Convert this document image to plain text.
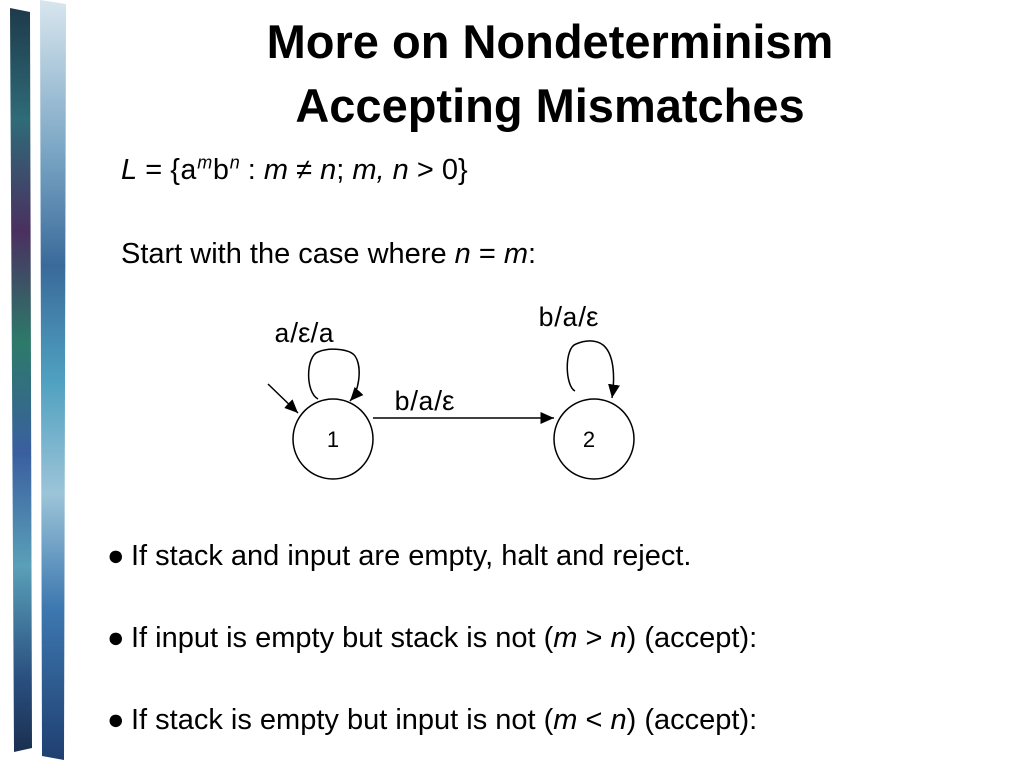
More on Nondeterminism
Accepting Mismatches
$L = \{a^mb^n$ : m ≠ n; m, n > 0}
Start with the case where n = m:
1	2
a/ε/a
b/a/ε
b/a/ε
● If stack and input are empty, halt and reject.
● If input is empty but stack is not (m > n) (accept):
● If stack is empty but input is not (m < n) (accept):
